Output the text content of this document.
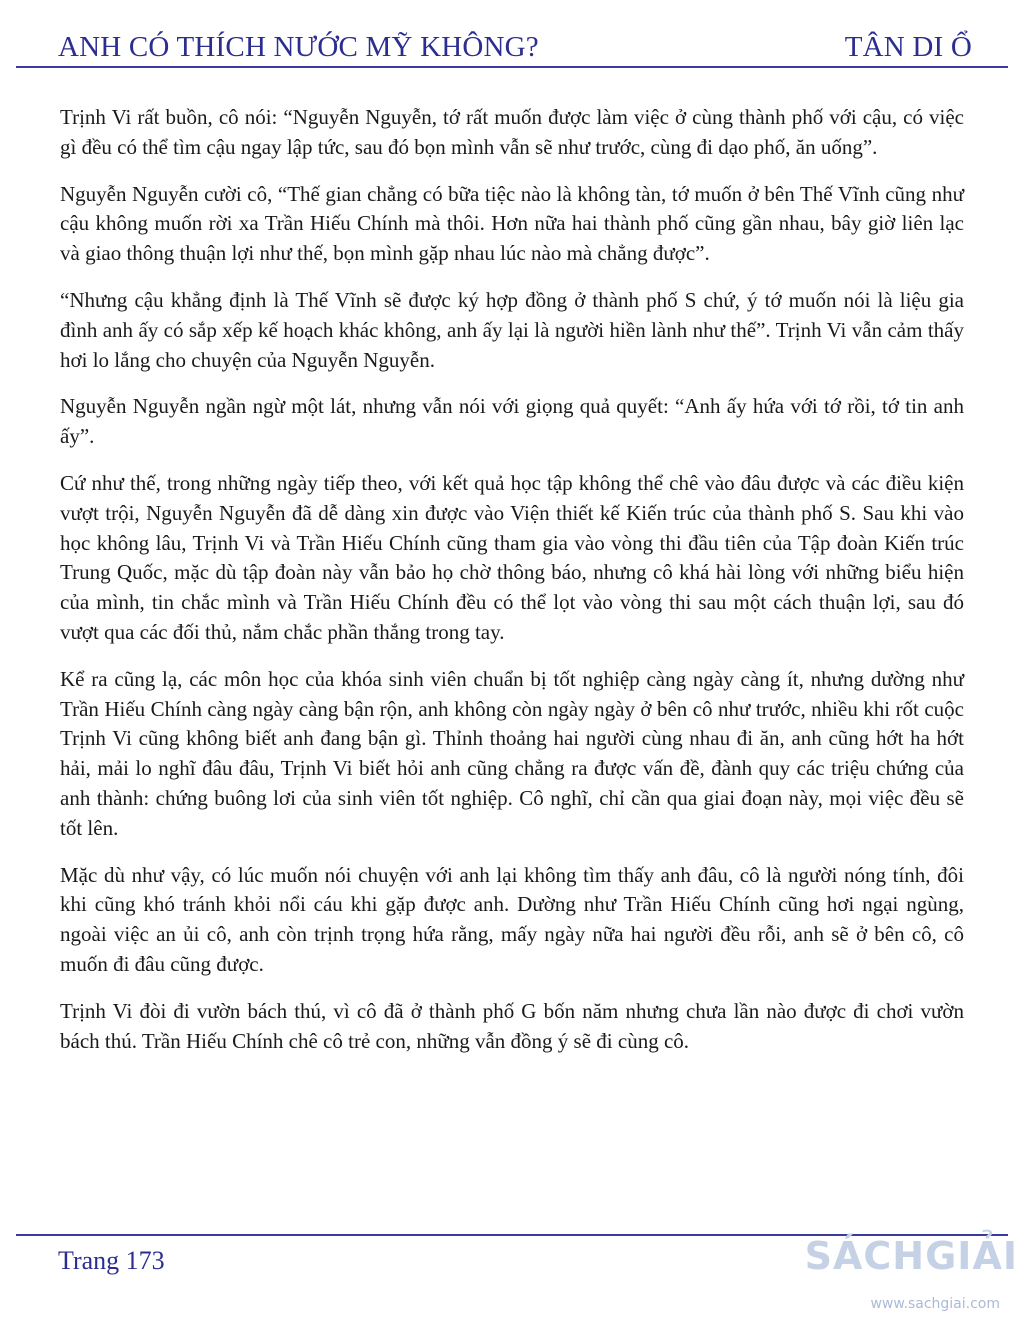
ANH CÓ THÍCH NƯỚC MỸ KHÔNG?	TÂN DI Ổ

Trịnh Vi rất buồn, cô nói: “Nguyễn Nguyễn, tớ rất muốn được làm việc ở cùng thành phố với cậu, có việc gì đều có thể tìm cậu ngay lập tức, sau đó bọn mình vẫn sẽ như trước, cùng đi dạo phố, ăn uống”.

Nguyễn Nguyễn cười cô, “Thế gian chẳng có bữa tiệc nào là không tàn, tớ muốn ở bên Thế Vĩnh cũng như cậu không muốn rời xa Trần Hiếu Chính mà thôi. Hơn nữa hai thành phố cũng gần nhau, bây giờ liên lạc và giao thông thuận lợi như thế, bọn mình gặp nhau lúc nào mà chẳng được”.

“Nhưng cậu khẳng định là Thế Vĩnh sẽ được ký hợp đồng ở thành phố S chứ, ý tớ muốn nói là liệu gia đình anh ấy có sắp xếp kế hoạch khác không, anh ấy lại là người hiền lành như thế”. Trịnh Vi vẫn cảm thấy hơi lo lắng cho chuyện của Nguyễn Nguyễn.

Nguyễn Nguyễn ngần ngừ một lát, nhưng vẫn nói với giọng quả quyết: “Anh ấy hứa với tớ rồi, tớ tin anh ấy”.

Cứ như thế, trong những ngày tiếp theo, với kết quả học tập không thể chê vào đâu được và các điều kiện vượt trội, Nguyễn Nguyễn đã dễ dàng xin được vào Viện thiết kế Kiến trúc của thành phố S. Sau khi vào học không lâu, Trịnh Vi và Trần Hiếu Chính cũng tham gia vào vòng thi đầu tiên của Tập đoàn Kiến trúc Trung Quốc, mặc dù tập đoàn này vẫn bảo họ chờ thông báo, nhưng cô khá hài lòng với những biểu hiện của mình, tin chắc mình và Trần Hiếu Chính đều có thể lọt vào vòng thi sau một cách thuận lợi, sau đó vượt qua các đối thủ, nắm chắc phần thắng trong tay.

Kể ra cũng lạ, các môn học của khóa sinh viên chuẩn bị tốt nghiệp càng ngày càng ít, nhưng dường như Trần Hiếu Chính càng ngày càng bận rộn, anh không còn ngày ngày ở bên cô như trước, nhiều khi rốt cuộc Trịnh Vi cũng không biết anh đang bận gì. Thỉnh thoảng hai người cùng nhau đi ăn, anh cũng hớt ha hớt hải, mải lo nghĩ đâu đâu, Trịnh Vi biết hỏi anh cũng chẳng ra được vấn đề, đành quy các triệu chứng của anh thành: chứng buông lơi của sinh viên tốt nghiệp. Cô nghĩ, chỉ cần qua giai đoạn này, mọi việc đều sẽ tốt lên.

Mặc dù như vậy, có lúc muốn nói chuyện với anh lại không tìm thấy anh đâu, cô là người nóng tính, đôi khi cũng khó tránh khỏi nổi cáu khi gặp được anh. Dường như Trần Hiếu Chính cũng hơi ngại ngùng, ngoài việc an ủi cô, anh còn trịnh trọng hứa rằng, mấy ngày nữa hai người đều rỗi, anh sẽ ở bên cô, cô muốn đi đâu cũng được.

Trịnh Vi đòi đi vườn bách thú, vì cô đã ở thành phố G bốn năm nhưng chưa lần nào được đi chơi vườn bách thú. Trần Hiếu Chính chê cô trẻ con, những vẫn đồng ý sẽ đi cùng cô.

Trang 173	SÁCHGIẢI
www.sachgiai.com
